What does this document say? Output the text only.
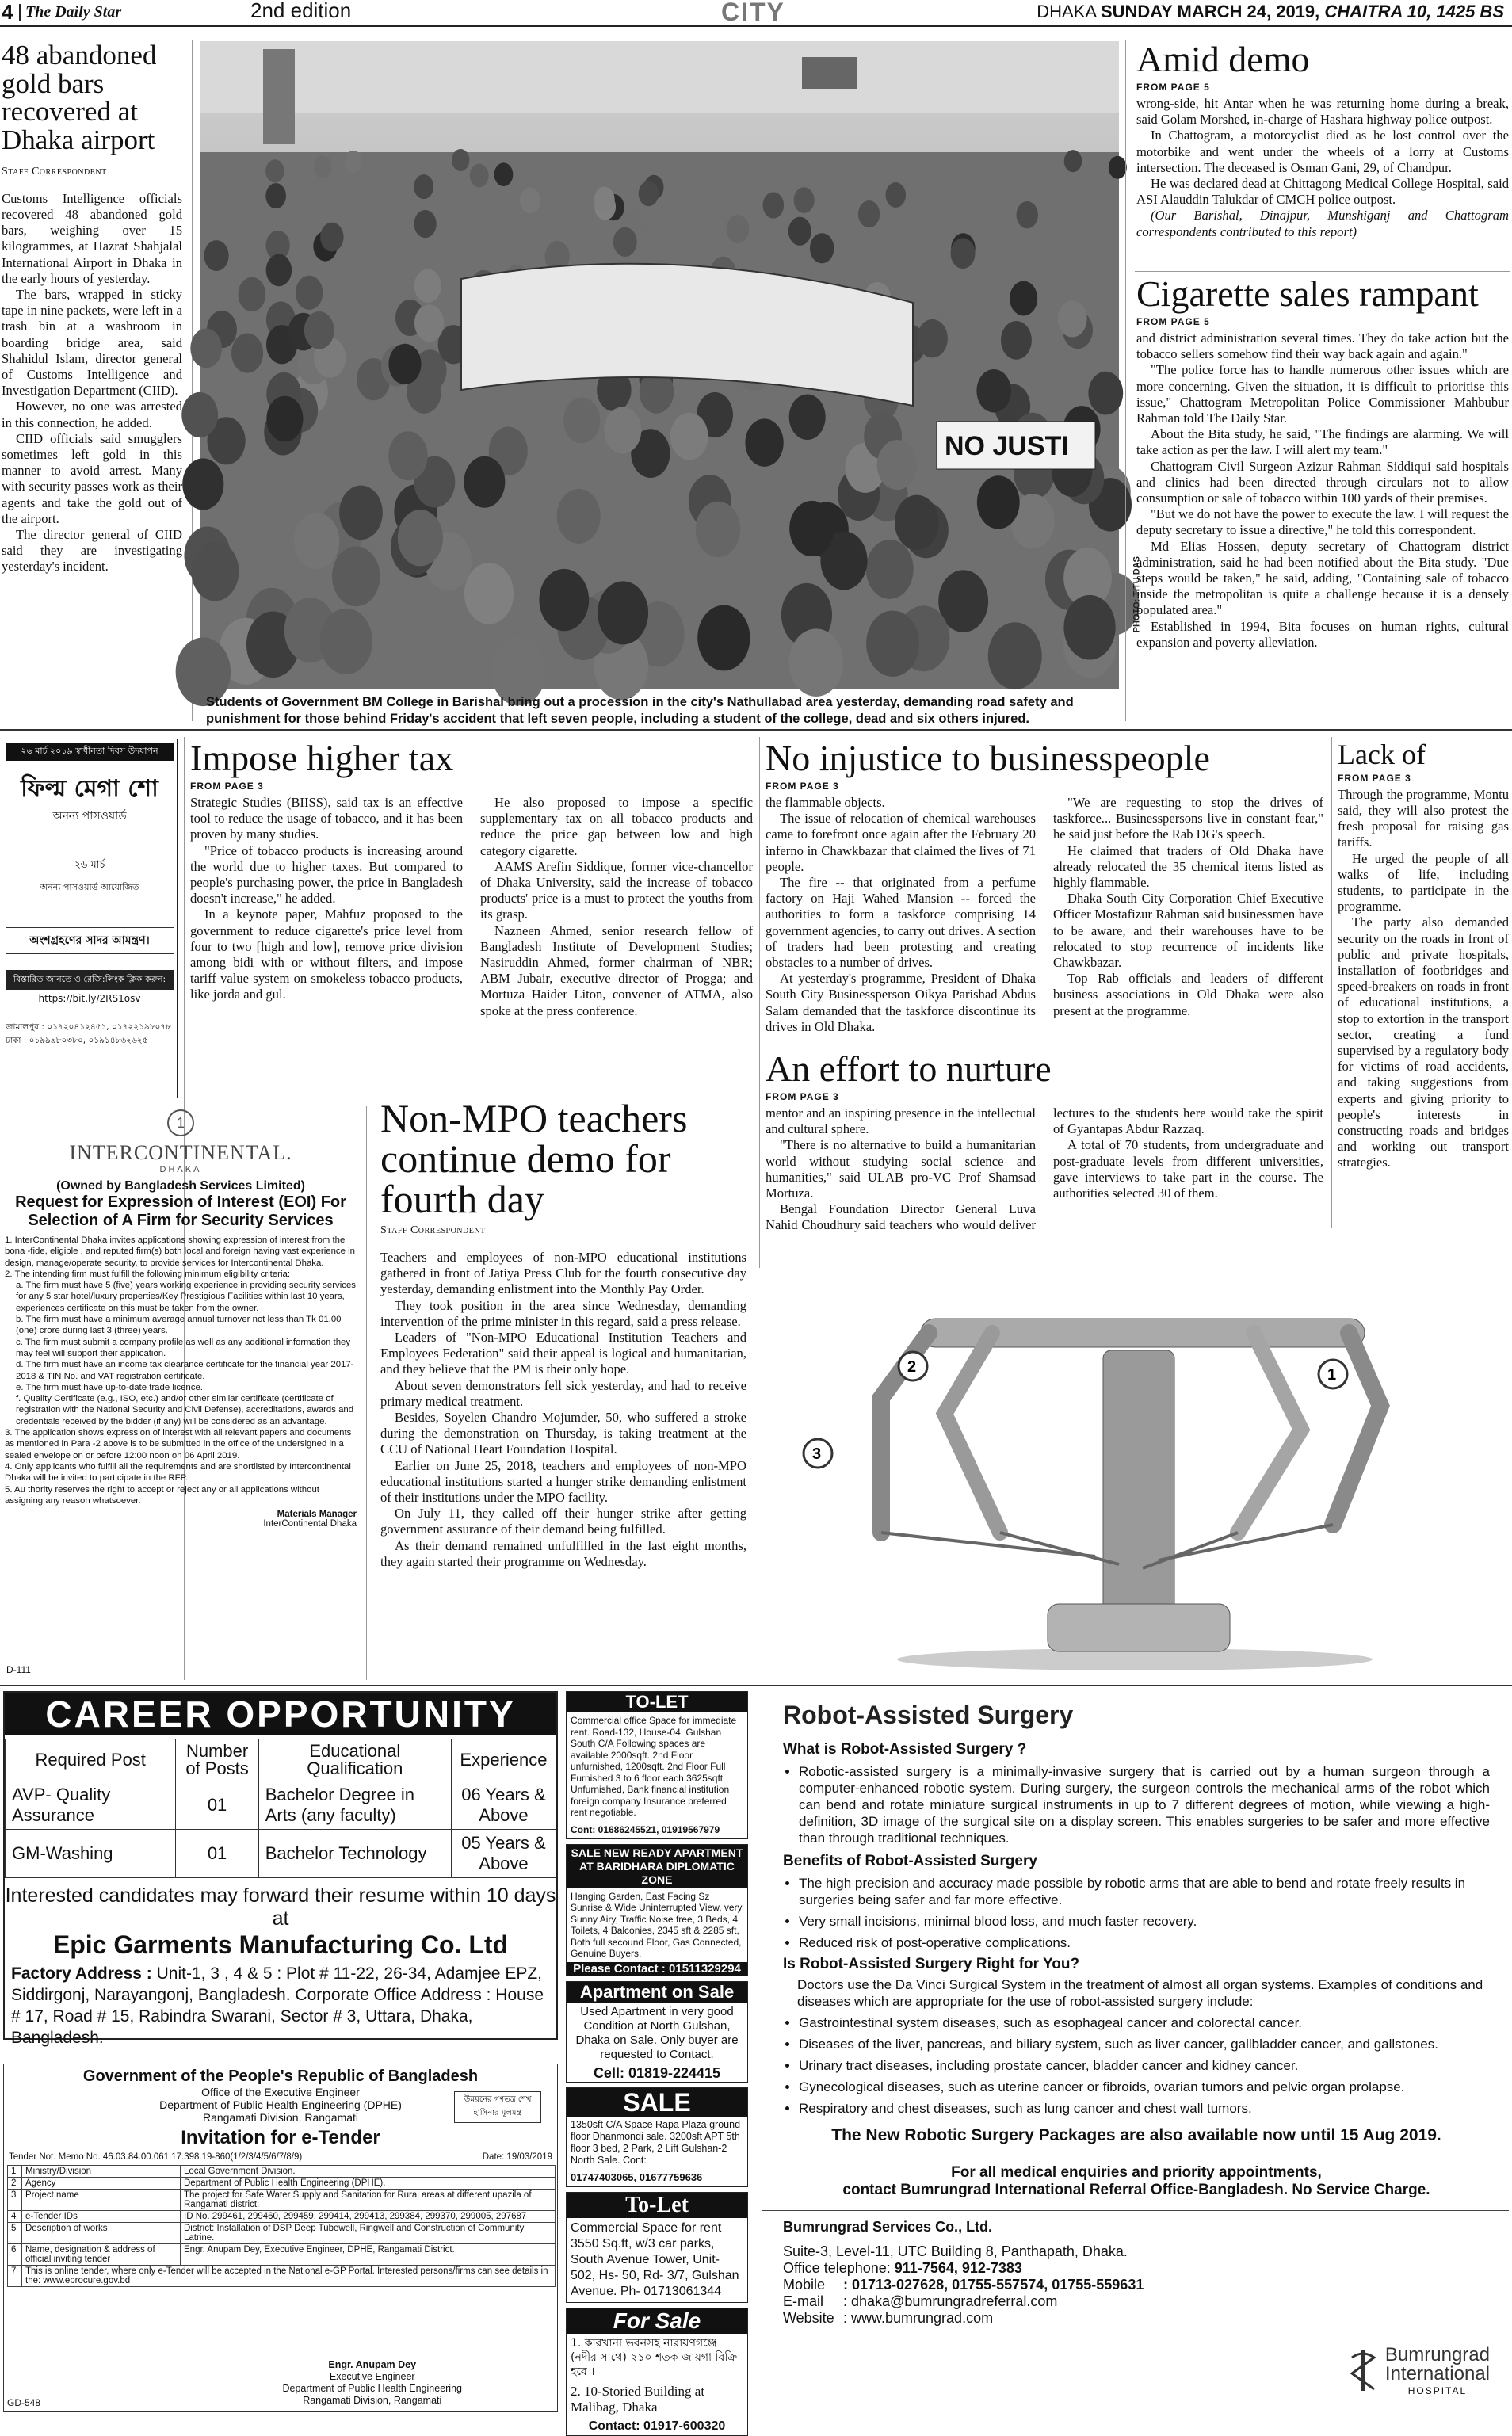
4 The Daily Star	2nd edition	CITY	DHAKA SUNDAY MARCH 24, 2019, CHAITRA 10, 1425 BS
48 abandoned gold bars recovered at Dhaka airport
Staff Correspondent

Customs Intelligence officials recovered 48 abandoned gold bars, weighing over 15 kilogrammes, at Hazrat Shahjalal International Airport in Dhaka in the early hours of yesterday.

The bars, wrapped in sticky tape in nine packets, were left in a trash bin at a washroom in boarding bridge area, said Shahidul Islam, director general of Customs Intelligence and Investigation Department (CIID).

However, no one was arrested in this connection, he added.

CIID officials said smugglers sometimes left gold in this manner to avoid arrest. Many with security passes work as their agents and take the gold out of the airport.

The director general of CIID said they are investigating yesterday's incident.

NO JUSTI
PHOTO: TITU DAS
Students of Government BM College in Barishal bring out a procession in the city's Nathullabad area yesterday, demanding road safety and punishment for those behind Friday's accident that left seven people, including a student of the college, dead and six others injured.
Amid demo
FROM PAGE 5

wrong-side, hit Antar when he was returning home during a break, said Golam Morshed, in-charge of Hashara highway police outpost.

In Chattogram, a motorcyclist died as he lost control over the motorbike and went under the wheels of a lorry at Customs intersection. The deceased is Osman Gani, 29, of Chandpur.

He was declared dead at Chittagong Medical College Hospital, said ASI Alauddin Talukdar of CMCH police outpost.

(Our Barishal, Dinajpur, Munshiganj and Chattogram correspondents contributed to this report)

Cigarette sales rampant
FROM PAGE 5

and district administration several times. They do take action but the tobacco sellers somehow find their way back again and again."

"The police force has to handle numerous other issues which are more concerning. Given the situation, it is difficult to prioritise this issue," Chattogram Metropolitan Police Commissioner Mahbubur Rahman told The Daily Star.

About the Bita study, he said, "The findings are alarming. We will take action as per the law. I will alert my team."

Chattogram Civil Surgeon Azizur Rahman Siddiqui said hospitals and clinics had been directed through circulars not to allow consumption or sale of tobacco within 100 yards of their premises.

"But we do not have the power to execute the law. I will request the deputy secretary to issue a directive," he told this correspondent.

Md Elias Hossen, deputy secretary of Chattogram district administration, said he had been notified about the Bita study. "Due steps would be taken," he said, adding, "Containing sale of tobacco inside the metropolitan is quite a challenge because it is a densely populated area."

Established in 1994, Bita focuses on human rights, cultural expansion and poverty alleviation.

২৬ মার্চ ২০১৯ স্বাধীনতা দিবস উদযাপন
ফিল্ম মেগা শো
অনন্য পাসওয়ার্ড
২৬ মার্চ
অনন্য পাসওয়ার্ড আয়োজিত
অংশগ্রহণের সাদর আমন্ত্রণ।
বিস্তারিত জানতে ও রেজি:লিংক ক্লিক করুন:
https://bit.ly/2RS1osv
জামালপুর : ০১৭২০৪১২৪৫১, ০১৭২২১৯৮০৭৮
ঢাকা : ০১৯৯৯৮০৩৮০, ০১৯১৪৮৬২৬২৫
Impose higher tax
FROM PAGE 3

Strategic Studies (BIISS), said tax is an effective tool to reduce the usage of tobacco, and it has been proven by many studies.

"Price of tobacco products is increasing around the world due to higher taxes. But compared to people's purchasing power, the price in Bangladesh doesn't increase," he added.

In a keynote paper, Mahfuz proposed to the government to reduce cigarette's price level from four to two [high and low], remove price division among bidi with or without filters, and impose tariff value system on smokeless tobacco products, like jorda and gul.

He also proposed to impose a specific supplementary tax on all tobacco products and reduce the price gap between low and high category cigarette.

AAMS Arefin Siddique, former vice-chancellor of Dhaka University, said the increase of tobacco products' price is a must to protect the youths from its grasp.

Nazneen Ahmed, senior research fellow of Bangladesh Institute of Development Studies; Nasiruddin Ahmed, former chairman of NBR; ABM Jubair, executive director of Progga; and Mortuza Haider Liton, convener of ATMA, also spoke at the press conference.

No injustice to businesspeople
FROM PAGE 3

the flammable objects.

The issue of relocation of chemical warehouses came to forefront once again after the February 20 inferno in Chawkbazar that claimed the lives of 71 people.

The fire -- that originated from a perfume factory on Haji Wahed Mansion -- forced the authorities to form a taskforce comprising 14 government agencies, to carry out drives. A section of traders had been protesting and creating obstacles to a number of drives.

At yesterday's programme, President of Dhaka South City Businessperson Oikya Parishad Abdus Salam demanded that the taskforce discontinue its drives in Old Dhaka.

"We are requesting to stop the drives of taskforce... Businesspersons live in constant fear," he said just before the Rab DG's speech.

He claimed that traders of Old Dhaka have already relocated the 35 chemical items listed as highly flammable.

Dhaka South City Corporation Chief Executive Officer Mostafizur Rahman said businessmen have to be aware, and their warehouses have to be relocated to stop recurrence of incidents like Chawkbazar.

Top Rab officials and leaders of different business associations in Old Dhaka were also present at the programme.

Lack of
FROM PAGE 3

Through the programme, Montu said, they will also protest the fresh proposal for raising gas tariffs.

He urged the people of all walks of life, including students, to participate in the programme.

The party also demanded security on the roads in front of public and private hospitals, installation of footbridges and speed-breakers on roads in front of educational institutions, a stop to extortion in the transport sector, creating a fund supervised by a regulatory body for victims of road accidents, and taking suggestions from experts and giving priority to people's interests in constructing roads and bridges and working out transport strategies.

An effort to nurture
FROM PAGE 3

mentor and an inspiring presence in the intellectual and cultural sphere.

"There is no alternative to build a humanitarian world without studying social science and humanities," said ULAB pro-VC Prof Shamsad Mortuza.

Bengal Foundation Director General Luva Nahid Choudhury said teachers who would deliver lectures to the students here would take the spirit of Gyantapas Abdur Razzaq.

A total of 70 students, from undergraduate and post-graduate levels from different universities, gave interviews to take part in the course. The authorities selected 30 of them.

1
INTERCONTINENTAL.
DHAKA
(Owned by Bangladesh Services Limited)
Request for Expression of Interest (EOI) For Selection of A Firm for Security Services
1. InterContinental Dhaka invites applications showing expression of interest from the bona -fide, eligible , and reputed firm(s) both local and foreign having vast experience in design, manage/operate security, to provide services for Intercontinental Dhaka.
2. The intending firm must fulfill the following minimum eligibility criteria:
a. The firm must have 5 (five) years working experience in providing security services for any 5 star hotel/luxury properties/Key Prestigious Facilities within last 10 years, experiences certificate on this must be taken from the owner.
b. The firm must have a minimum average annual turnover not less than Tk 01.00 (one) crore during last 3 (three) years.
c. The firm must submit a company profile as well as any additional information they may feel will support their application.
d. The firm must have an income tax clearance certificate for the financial year 2017-2018 & TIN No. and VAT registration certificate.
e. The firm must have up-to-date trade licence.
f. Quality Certificate (e.g., ISO, etc.) and/or other similar certificate (certificate of registration with the National Security and Civil Defense), accreditations, awards and credentials received by the bidder (if any) will be considered as an advantage.
3. The application shows expression of interest with all relevant papers and documents as mentioned in Para -2 above is to be submitted in the office of the undersigned in a sealed envelope on or before 12:00 noon on 06 April 2019.
4. Only applicants who fulfill all the requirements and are shortlisted by Intercontinental Dhaka will be invited to participate in the RFP.
5. Au thority reserves the right to accept or reject any or all applications without assigning any reason whatsoever.
Materials Manager
InterContinental Dhaka
D-111
Non-MPO teachers continue demo for fourth day
Staff Correspondent

Teachers and employees of non-MPO educational institutions gathered in front of Jatiya Press Club for the fourth consecutive day yesterday, demanding enlistment into the Monthly Pay Order.

They took position in the area since Wednesday, demanding intervention of the prime minister in this regard, said a press release.

Leaders of "Non-MPO Educational Institution Teachers and Employees Federation" said their appeal is logical and humanitarian, and they believe that the PM is their only hope.

About seven demonstrators fell sick yesterday, and had to receive primary medical treatment.

Besides, Soyelen Chandro Mojumder, 50, who suffered a stroke during the demonstration on Thursday, is taking treatment at the CCU of National Heart Foundation Hospital.

Earlier on June 25, 2018, teachers and employees of non-MPO educational institutions started a hunger strike demanding enlistment of their institutions under the MPO facility.

On July 11, they called off their hunger strike after getting government assurance of their demand being fulfilled.

As their demand remained unfulfilled in the last eight months, they again started their programme on Wednesday.

2	1
3
CAREER OPPORTUNITY
Required Post	Number of Posts	Educational Qualification	Experience
AVP- Quality Assurance	01	Bachelor Degree in Arts (any faculty)	06 Years & Above
GM-Washing	01	Bachelor Technology	05 Years & Above
Interested candidates may forward their resume within 10 days at
Epic Garments Manufacturing Co. Ltd
Factory Address : Unit-1, 3 , 4 & 5 : Plot # 11-22, 26-34, Adamjee EPZ, Siddirgonj, Narayangonj, Bangladesh. Corporate Office Address : House # 17, Road # 15, Rabindra Swarani, Sector # 3, Uttara, Dhaka, Bangladesh.
Government of the People's Republic of Bangladesh
Office of the Executive Engineer
Department of Public Health Engineering (DPHE)
Rangamati Division, Rangamati
উন্নয়নের গণতন্ত্র শেখ হাসিনার মূলমন্ত্র
Invitation for e-Tender
Tender Not. Memo No. 46.03.84.00.061.17.398.19-860(1/2/3/4/5/6/7/8/9)	Date: 19/03/2019
1	Ministry/Division	Local Government Division.
2	Agency	Department of Public Health Engineering (DPHE).
3	Project name	The project for Safe Water Supply and Sanitation for Rural areas at different upazila of Rangamati district.
4	e-Tender IDs	ID No. 299461, 299460, 299459, 299414, 299413, 299384, 299370, 299005, 297687
5	Description of works	District: Installation of DSP Deep Tubewell, Ringwell and Construction of Community Latrine.
6	Name, designation & address of official inviting tender	Engr. Anupam Dey, Executive Engineer, DPHE, Rangamati District.
7	This is online tender, where only e-Tender will be accepted in the National e-GP Portal. Interested persons/firms can see details in the: www.eprocure.gov.bd	
Engr. Anupam Dey
Executive Engineer
Department of Public Health Engineering
Rangamati Division, Rangamati
GD-548
TO-LET
Commercial office Space for immediate rent. Road-132, House-04, Gulshan South C/A Following spaces are available 2000sqft. 2nd Floor unfurnished, 1200sqft. 2nd Floor Full Furnished 3 to 6 floor each 3625sqft Unfurnished, Bank financial institution foreign company Insurance preferred rent negotiable.
Cont: 01686245521, 01919567979
SALE NEW READY APARTMENT AT BARIDHARA DIPLOMATIC ZONE
Hanging Garden, East Facing Sz Sunrise & Wide Uninterrupted View, very Sunny Airy, Traffic Noise free, 3 Beds, 4 Toilets, 4 Balconies, 2345 sft & 2285 sft, Both full secound Floor, Gas Connected, Genuine Buyers.
Please Contact : 01511329294
Apartment on Sale
Used Apartment in very good Condition at North Gulshan, Dhaka on Sale. Only buyer are requested to Contact.
Cell: 01819-224415
SALE
1350sft C/A Space Rapa Plaza ground floor Dhanmondi sale. 3200sft APT 5th floor 3 bed, 2 Park, 2 Lift Gulshan-2 North Sale. Cont:
01747403065, 01677759636
To-Let
Commercial Space for rent 3550 Sq.ft, w/3 car parks, South Avenue Tower, Unit-502, Hs- 50, Rd- 3/7, Gulshan Avenue. Ph- 01713061344
For Sale
1. কারখানা ভবনসহ নারায়ণগঞ্জে (নদীর সাথে) ২১০ শতক জায়গা বিক্রি হবে ।
2. 10-Storied Building at Malibag, Dhaka
Contact: 01917-600320
Robot-Assisted Surgery
What is Robot-Assisted Surgery ?
• Robotic-assisted surgery is a minimally-invasive surgery that is carried out by a human surgeon through a computer-enhanced robotic system. During surgery, the surgeon controls the mechanical arms of the robot which can bend and rotate miniature surgical instruments in up to 7 different degrees of motion, while viewing a high-definition, 3D image of the surgical site on a display screen. This enables surgeries to be safer and more effective than through traditional techniques.
Benefits of Robot-Assisted Surgery
• The high precision and accuracy made possible by robotic arms that are able to bend and rotate freely results in surgeries being safer and far more effective.
• Very small incisions, minimal blood loss, and much faster recovery.
• Reduced risk of post-operative complications.
Is Robot-Assisted Surgery Right for You?
Doctors use the Da Vinci Surgical System in the treatment of almost all organ systems. Examples of conditions and diseases which are appropriate for the use of robot-assisted surgery include:
• Gastrointestinal system diseases, such as esophageal cancer and colorectal cancer.
• Diseases of the liver, pancreas, and biliary system, such as liver cancer, gallbladder cancer, and gallstones.
• Urinary tract diseases, including prostate cancer, bladder cancer and kidney cancer.
• Gynecological diseases, such as uterine cancer or fibroids, ovarian tumors and pelvic organ prolapse.
• Respiratory and chest diseases, such as lung cancer and chest wall tumors.
The New Robotic Surgery Packages are also available now until 15 Aug 2019.
For all medical enquiries and priority appointments,
contact Bumrungrad International Referral Office-Bangladesh. No Service Charge.
Bumrungrad Services Co., Ltd.
Suite-3, Level-11, UTC Building 8, Panthapath, Dhaka.
Office telephone: 911-7564, 912-7383
Mobile	: 01713-027628, 01755-557574, 01755-559631
E-mail	: dhaka@bumrungradreferral.com
Website : www.bumrungrad.com
Bumrungrad
International
HOSPITAL
